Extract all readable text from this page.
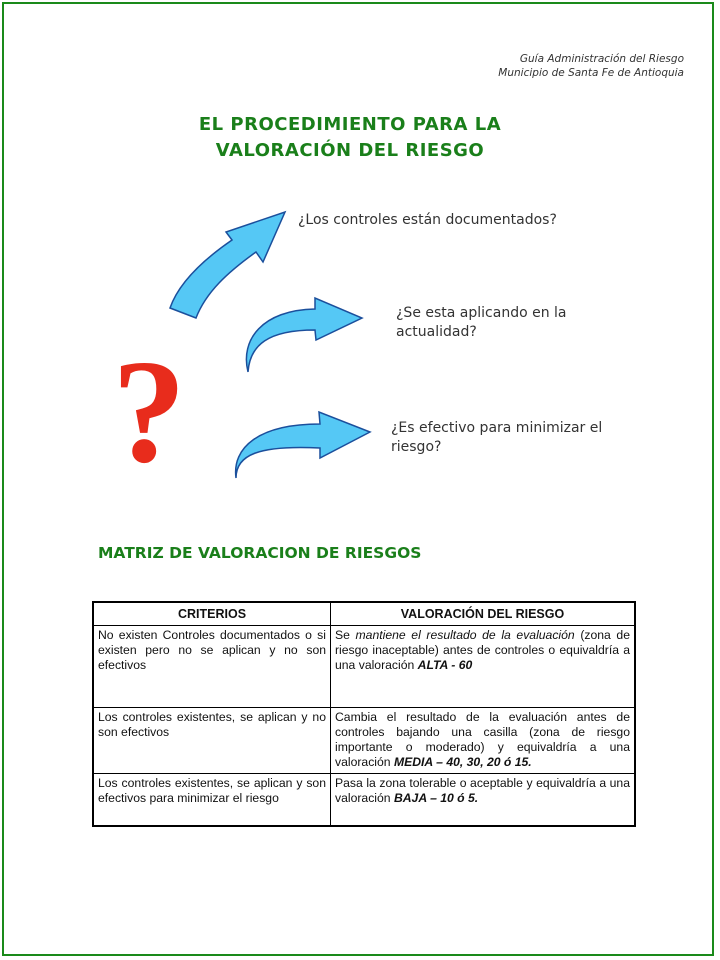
Guía Administración del Riesgo
Municipio de Santa Fe de Antioquia
EL PROCEDIMIENTO PARA LA
VALORACIÓN DEL RIESGO
?
¿Los controles están documentados?
¿Se esta aplicando en la actualidad?
¿Es efectivo para minimizar el riesgo?
MATRIZ DE VALORACION DE RIESGOS
CRITERIOS	VALORACIÓN DEL RIESGO
No existen Controles documentados o si existen pero no se aplican y no son efectivos	Se mantiene el resultado de la evaluación (zona de riesgo inaceptable) antes de controles o equivaldría a una valoración ALTA - 60
Los controles existentes, se aplican y no son efectivos	Cambia el resultado de la evaluación antes de controles bajando una casilla (zona de riesgo importante o moderado) y equivaldría a una valoración MEDIA – 40, 30, 20 ó 15.
Los controles existentes, se aplican y son efectivos para minimizar el riesgo	Pasa la zona tolerable o aceptable y equivaldría a una valoración BAJA – 10 ó 5.
